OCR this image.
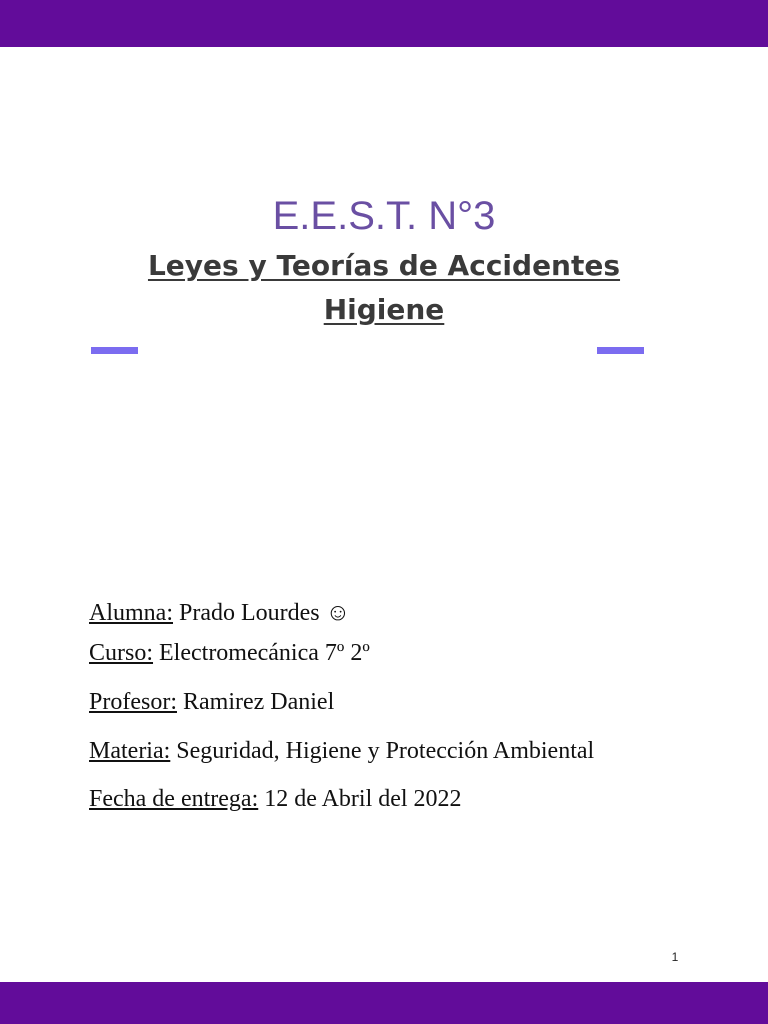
E.E.S.T. N°3
Leyes y Teorías de Accidentes
Higiene
Alumna: Prado Lourdes ☺
Curso: Electromecánica 7º 2º
Profesor: Ramirez Daniel
Materia: Seguridad, Higiene y Protección Ambiental
Fecha de entrega: 12 de Abril del 2022
1
